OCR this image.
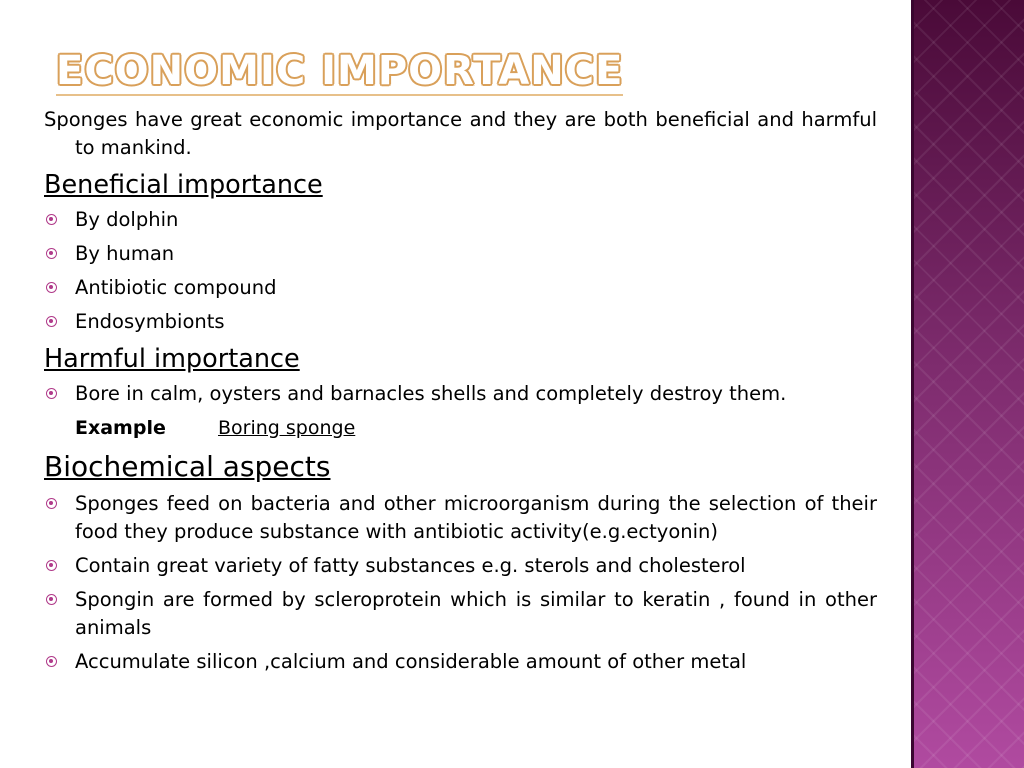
ECONOMIC IMPORTANCE

Sponges have great economic importance and they are both beneficial and harmful to mankind.

Beneficial importance
By dolphin
By human
Antibiotic compound
Endosymbionts
Harmful importance
Bore in calm, oysters and barnacles shells and completely destroy them.
Example	Boring sponge
Biochemical aspects
Sponges feed on bacteria and other microorganism during the selection of their food they produce substance with antibiotic activity(e.g.ectyonin)
Contain great variety of fatty substances e.g. sterols and cholesterol
Spongin are formed by scleroprotein which is similar to keratin , found in other animals
Accumulate silicon ,calcium and considerable amount of other metal
